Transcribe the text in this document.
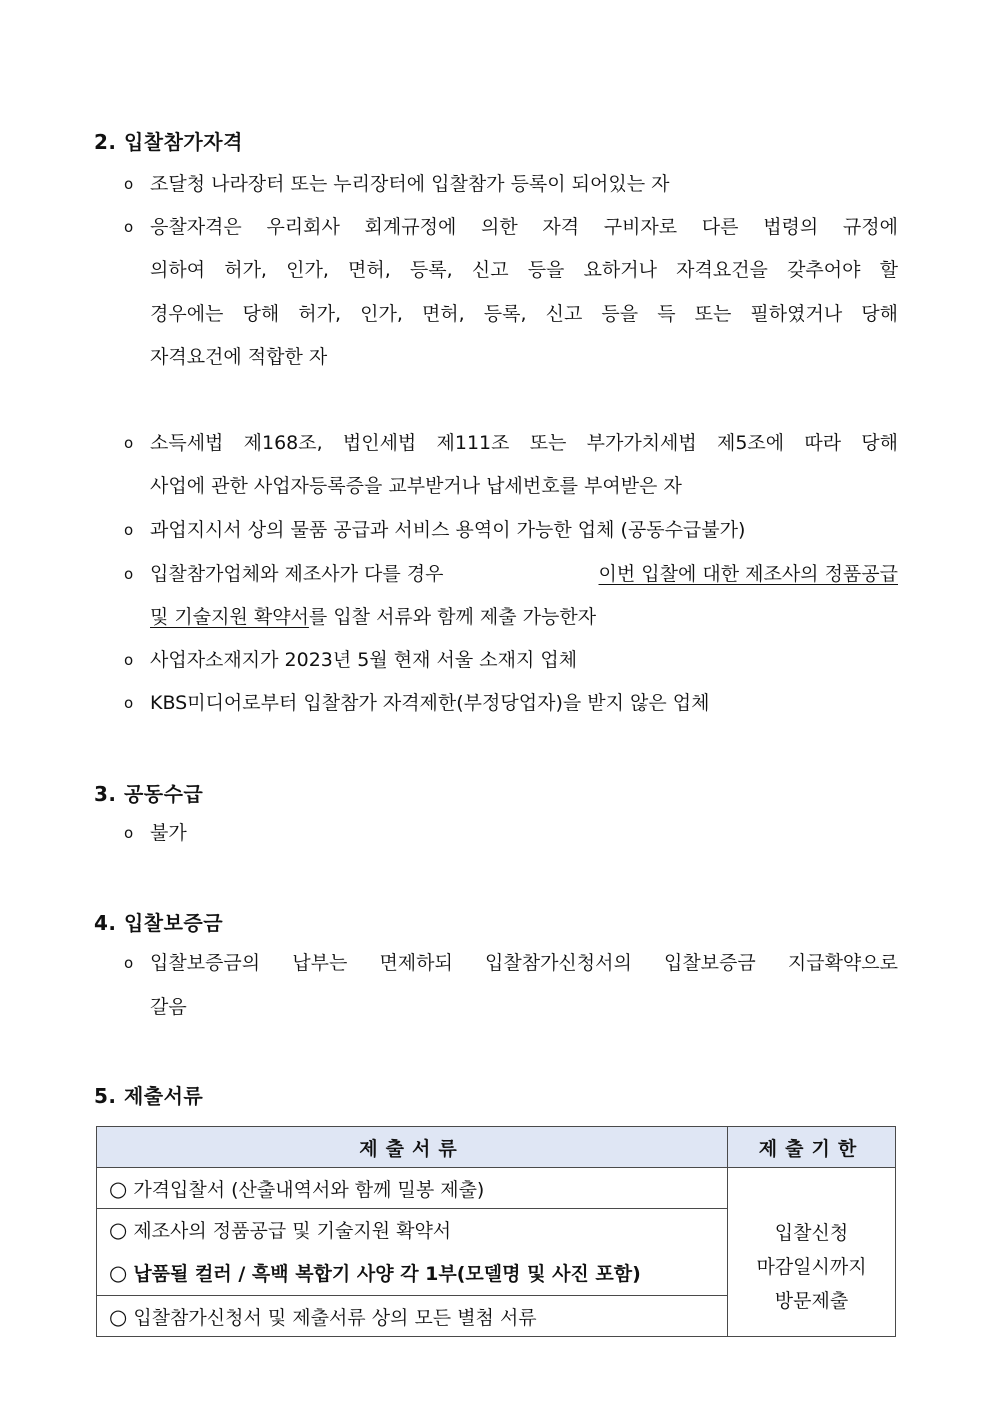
2. 입찰참가자격
o 조달청 나라장터 또는 누리장터에 입찰참가 등록이 되어있는 자
o 응찰자격은 우리회사 회계규정에 의한 자격 구비자로 다른 법령의 규정에
의하여 허가, 인가, 면허, 등록, 신고 등을 요하거나 자격요건을 갖추어야 할
경우에는 당해 허가, 인가, 면허, 등록, 신고 등을 득 또는 필하였거나 당해
자격요건에 적합한 자
o 소득세법 제168조, 법인세법 제111조 또는 부가가치세법 제5조에 따라 당해
사업에 관한 사업자등록증을 교부받거나 납세번호를 부여받은 자
o 과업지시서 상의 물품 공급과 서비스 용역이 가능한 업체 (공동수급불가)
o 입찰참가업체와 제조사가 다를 경우	이번 입찰에 대한 제조사의 정품공급
및 기술지원 확약서를 입찰 서류와 함께 제출 가능한자
o 사업자소재지가 2023년 5월 현재 서울 소재지 업체
o KBS미디어로부터 입찰참가 자격제한(부정당업자)을 받지 않은 업체
3. 공동수급
o 불가
4. 입찰보증금
o 입찰보증금의 납부는 면제하되 입찰참가신청서의 입찰보증금 지급확약으로
갈음
5. 제출서류
제출서류	제출기한
○ 가격입찰서 (산출내역서와 함께 밀봉 제출)	입찰신청
마감일시까지
방문제출

○ 제조사의 정품공급 및 기술지원 확약서
○ 납품될 컬러 / 흑백 복합기 사양 각 1부(모델명 및 사진 포함)	

○ 입찰참가신청서 및 제출서류 상의 모든 별첨 서류	
